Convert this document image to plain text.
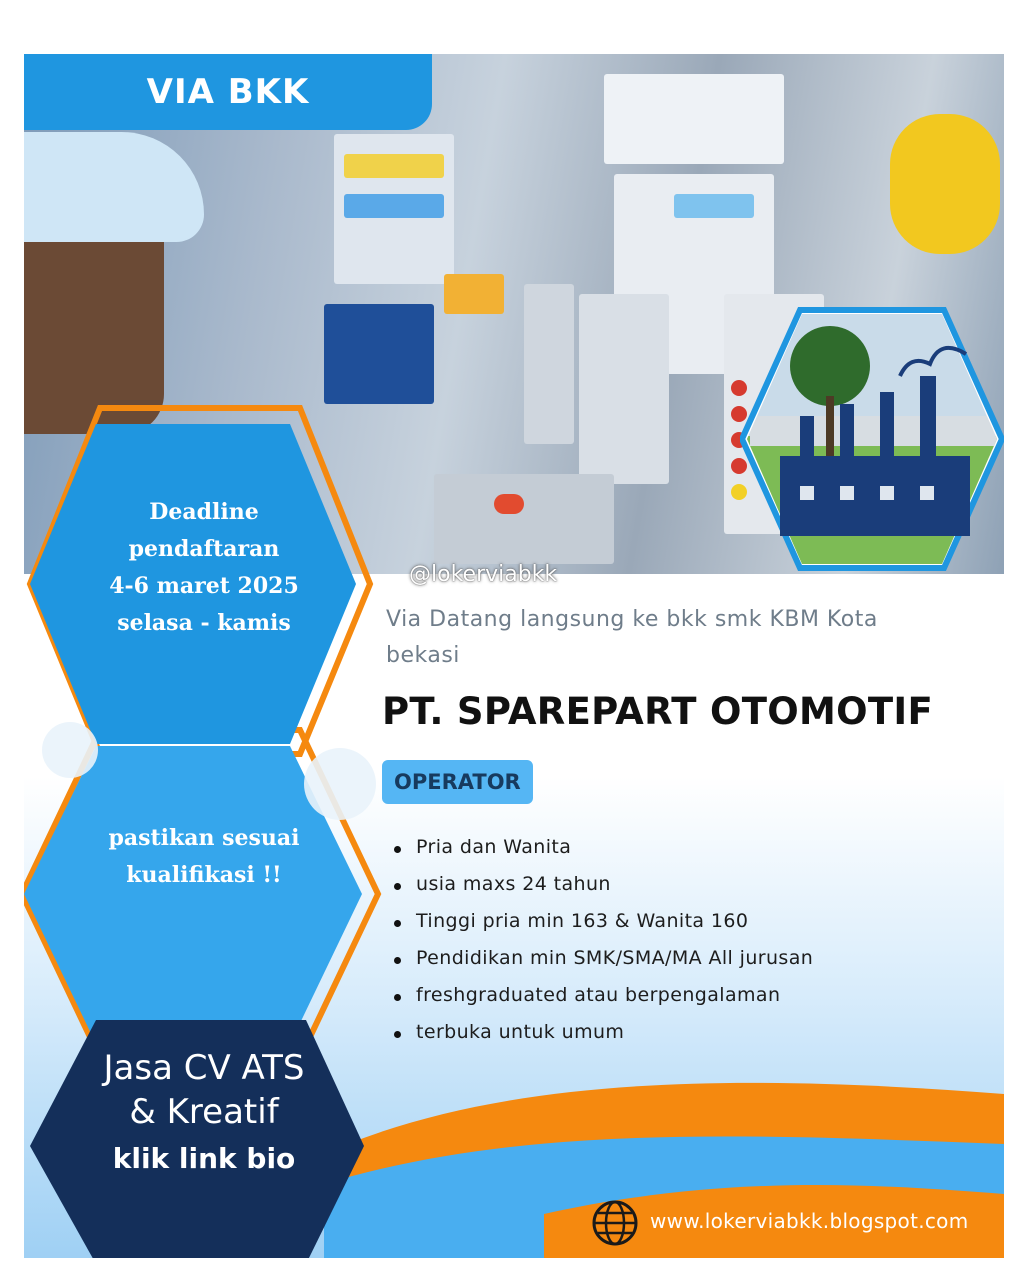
VIA BKK
Deadline
pendaftaran
4-6 maret 2025
selasa - kamis
pastikan sesuai
kualifikasi !!
Jasa CV ATS
& Kreatif
klik link bio
@lokerviabkk
Via Datang langsung ke bkk smk KBM Kota bekasi
PT. SPAREPART OTOMOTIF
OPERATOR
Pria dan Wanita
usia maxs 24 tahun
Tinggi pria min 163 & Wanita 160
Pendidikan min SMK/SMA/MA All jurusan
freshgraduated atau berpengalaman
terbuka untuk umum
www.lokerviabkk.blogspot.com
